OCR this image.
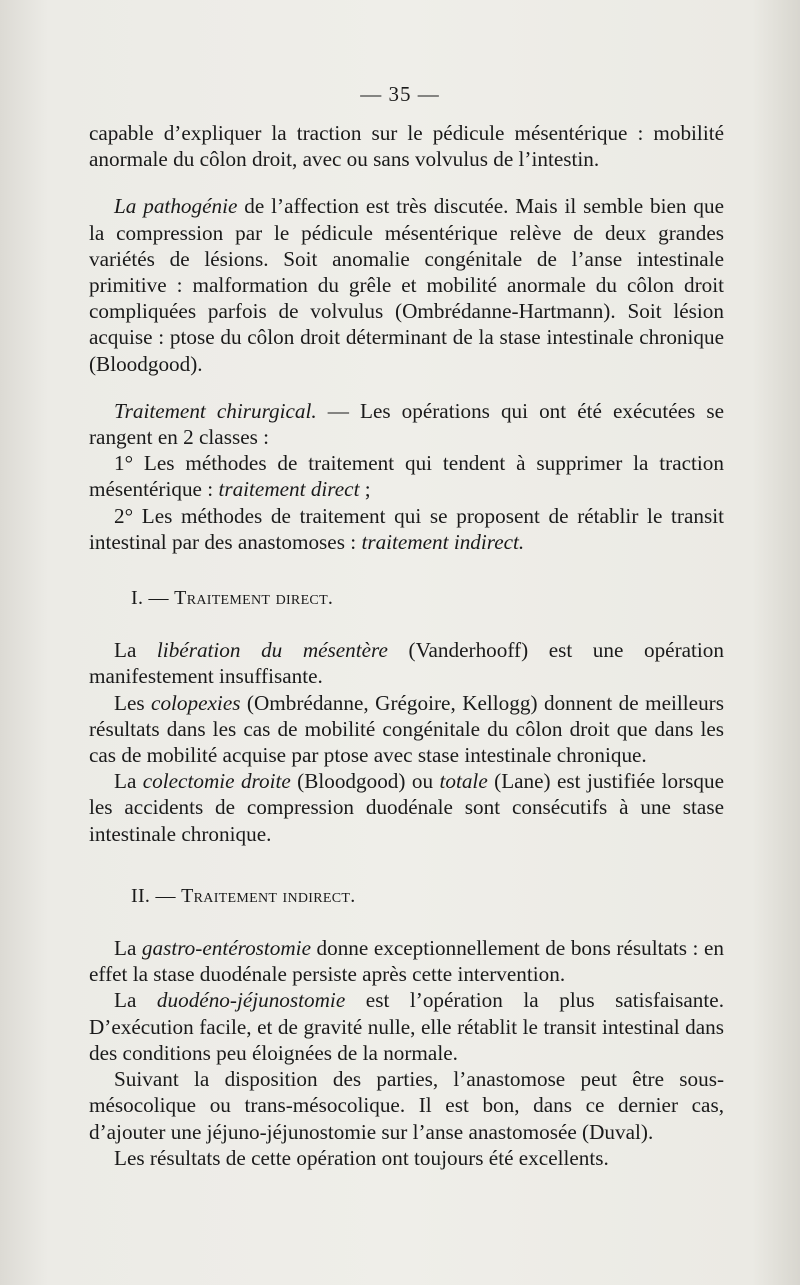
— 35 —

capable d’expliquer la traction sur le pédicule mésentérique : mobilité anormale du côlon droit, avec ou sans volvulus de l’intestin.

La pathogénie de l’affection est très discutée. Mais il semble bien que la compression par le pédicule mésentérique relève de deux grandes variétés de lésions. Soit anomalie congénitale de l’anse intestinale primitive : malformation du grêle et mobilité anormale du côlon droit compliquées parfois de volvulus (Ombrédanne-Hartmann). Soit lésion acquise : ptose du côlon droit déterminant de la stase intestinale chronique (Bloodgood).

Traitement chirurgical. — Les opérations qui ont été exécutées se rangent en 2 classes :

1° Les méthodes de traitement qui tendent à supprimer la traction mésentérique : traitement direct ;

2° Les méthodes de traitement qui se proposent de rétablir le transit intestinal par des anastomoses : traitement indirect.

I. — Traitement direct.

La libération du mésentère (Vanderhooff) est une opération manifestement insuffisante.

Les colopexies (Ombrédanne, Grégoire, Kellogg) donnent de meilleurs résultats dans les cas de mobilité congénitale du côlon droit que dans les cas de mobilité acquise par ptose avec stase intestinale chronique.

La colectomie droite (Bloodgood) ou totale (Lane) est justifiée lorsque les accidents de compression duodénale sont consécutifs à une stase intestinale chronique.

II. — Traitement indirect.

La gastro-entérostomie donne exceptionnellement de bons résultats : en effet la stase duodénale persiste après cette intervention.

La duodéno-jéjunostomie est l’opération la plus satisfaisante. D’exécution facile, et de gravité nulle, elle rétablit le transit intestinal dans des conditions peu éloignées de la normale.

Suivant la disposition des parties, l’anastomose peut être sous-mésocolique ou trans-mésocolique. Il est bon, dans ce dernier cas, d’ajouter une jéjuno-jéjunostomie sur l’anse anastomosée (Duval).

Les résultats de cette opération ont toujours été excellents.
